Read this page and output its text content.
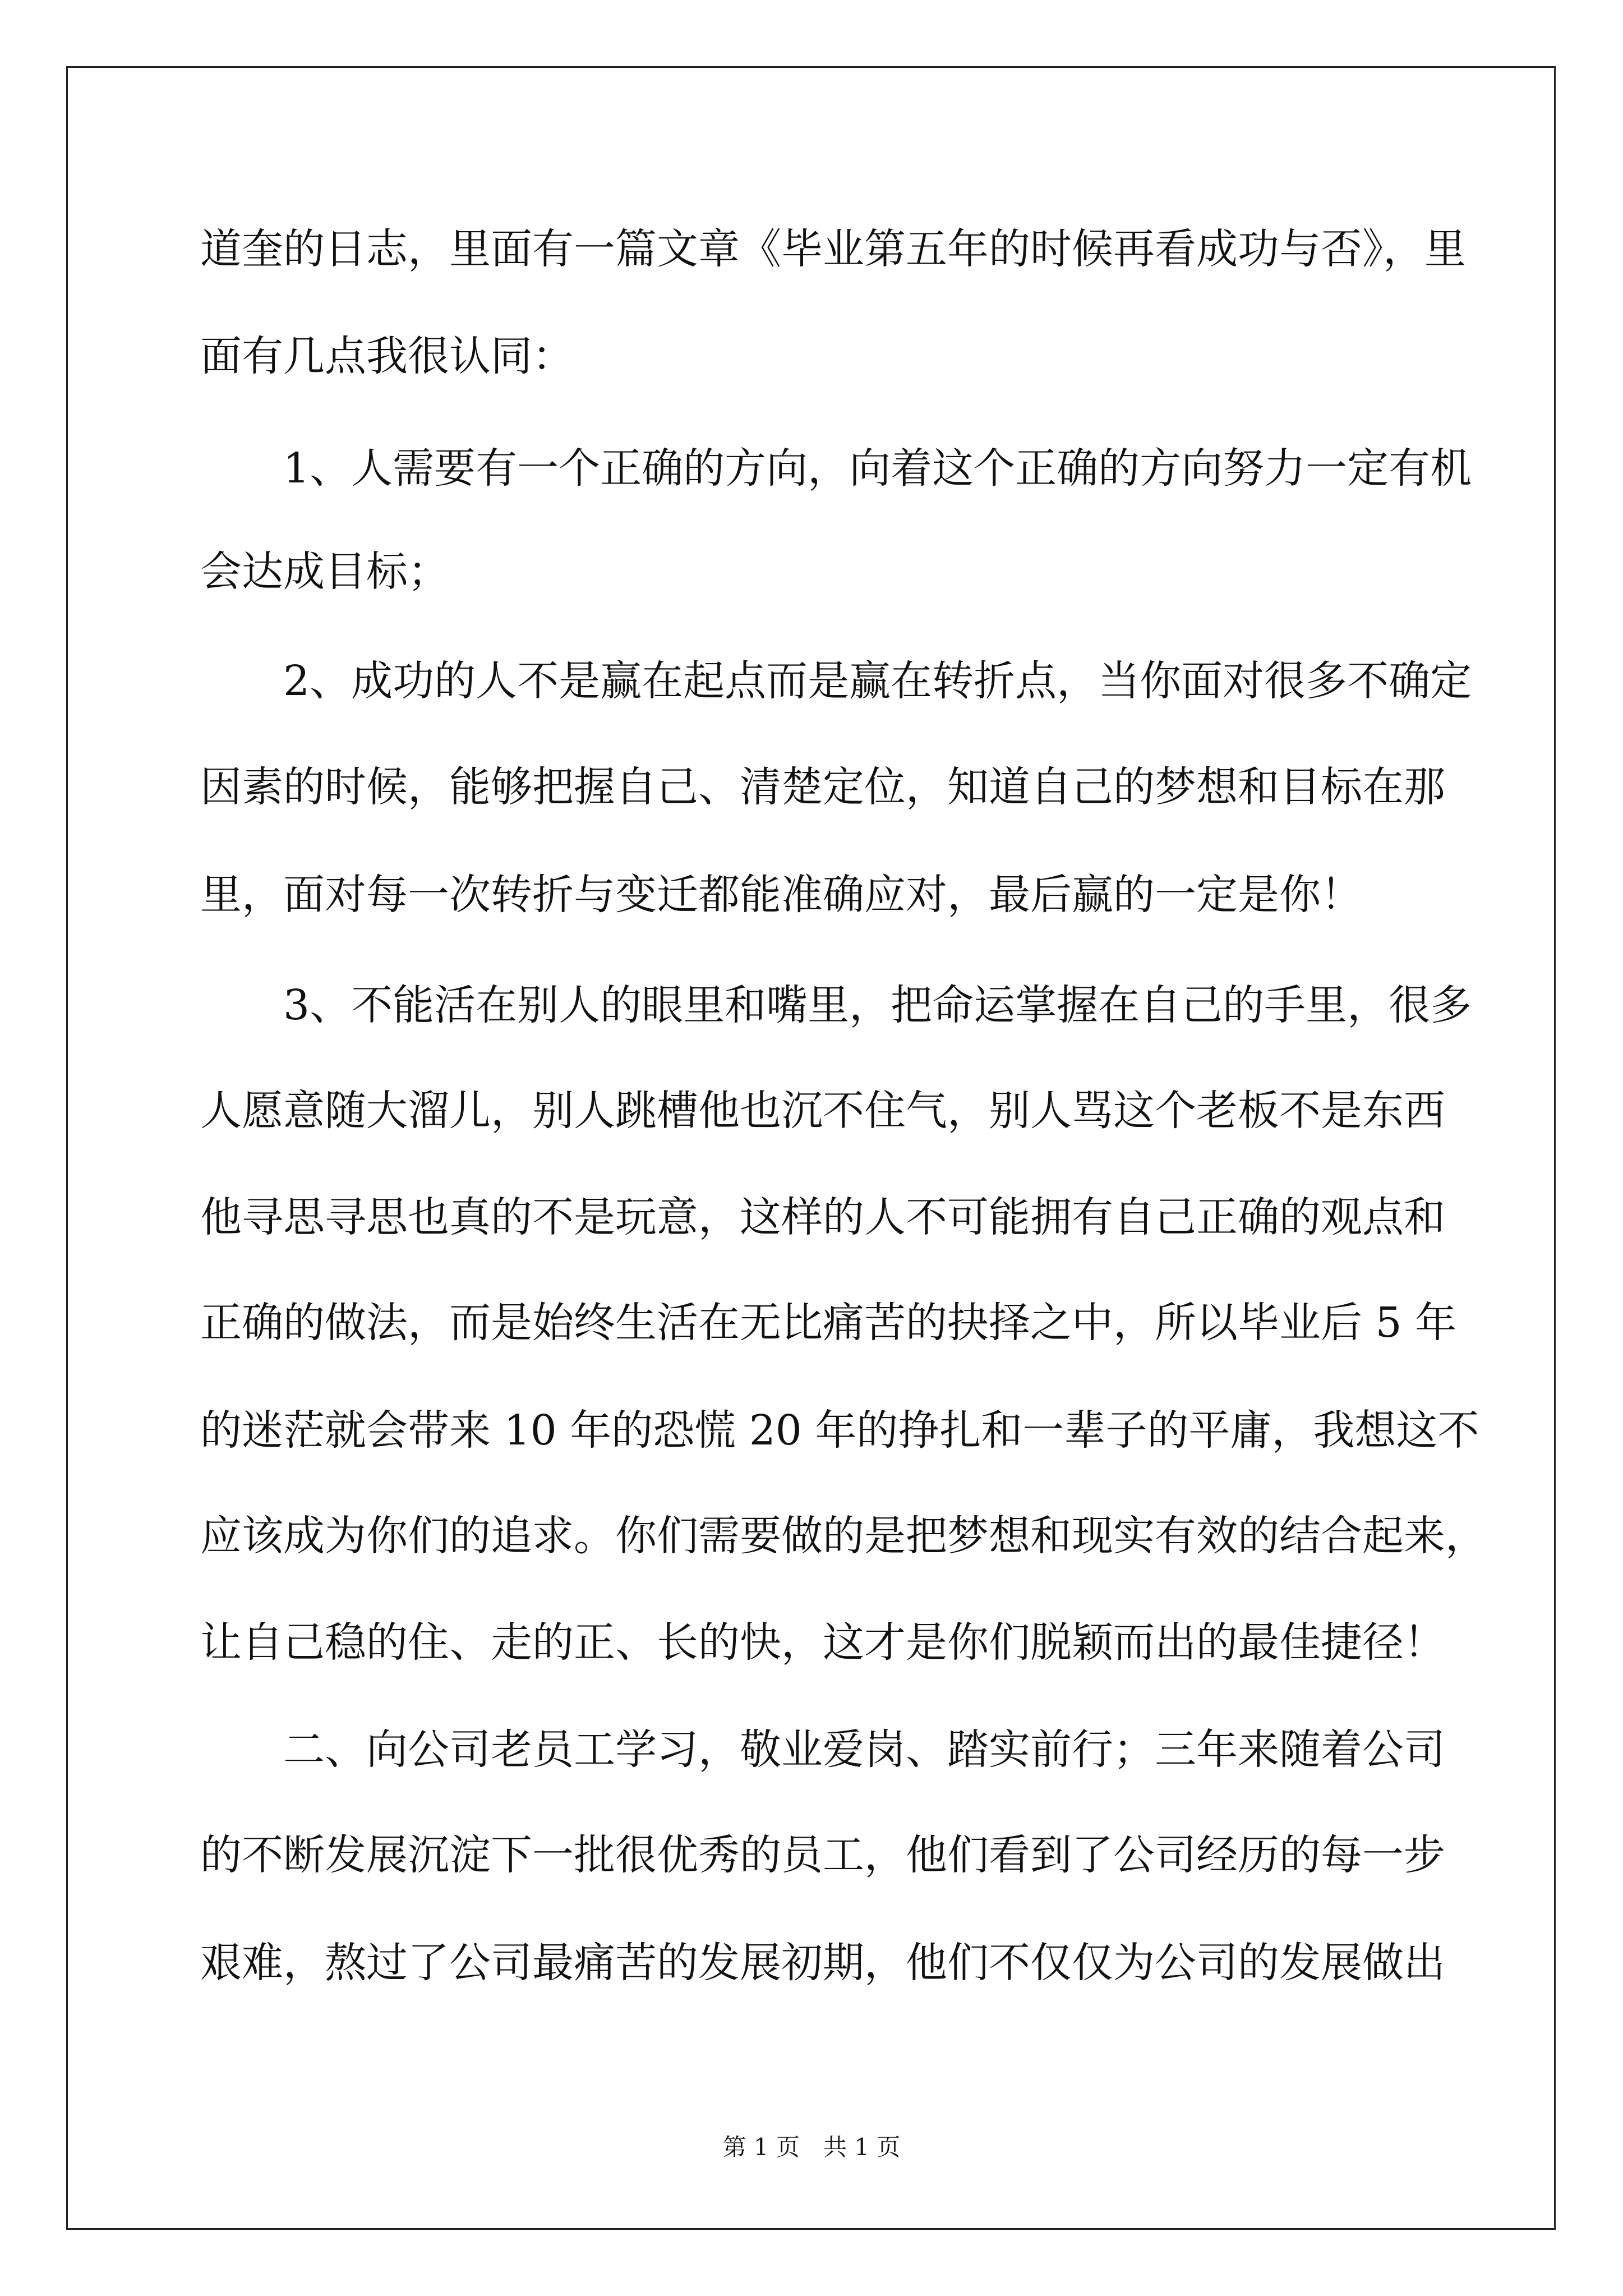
道奎的日志，里面有一篇文章《毕业第五年的时候再看成功与否》，里
面有几点我很认同：
　　1、人需要有一个正确的方向，向着这个正确的方向努力一定有机
会达成目标；
　　2、成功的人不是赢在起点而是赢在转折点，当你面对很多不确定
因素的时候，能够把握自己、清楚定位，知道自己的梦想和目标在那
里，面对每一次转折与变迁都能准确应对，最后赢的一定是你！
　　3、不能活在别人的眼里和嘴里，把命运掌握在自己的手里，很多
人愿意随大溜儿，别人跳槽他也沉不住气，别人骂这个老板不是东西
他寻思寻思也真的不是玩意，这样的人不可能拥有自己正确的观点和
正确的做法，而是始终生活在无比痛苦的抉择之中，所以毕业后 5 年
的迷茫就会带来 10 年的恐慌 20 年的挣扎和一辈子的平庸，我想这不
应该成为你们的追求。你们需要做的是把梦想和现实有效的结合起来，
让自己稳的住、走的正、长的快，这才是你们脱颖而出的最佳捷径！
　　二、向公司老员工学习，敬业爱岗、踏实前行；三年来随着公司
的不断发展沉淀下一批很优秀的员工，他们看到了公司经历的每一步
艰难，熬过了公司最痛苦的发展初期，他们不仅仅为公司的发展做出
第 1 页　共 1 页
